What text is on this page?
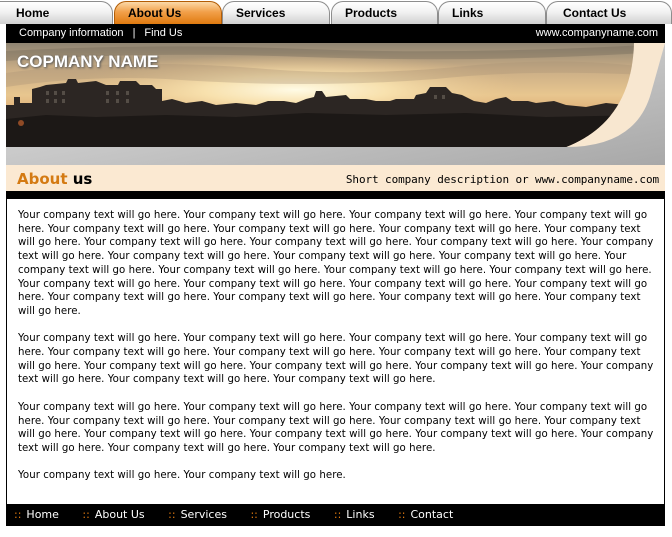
Home	About Us	Services	Products	Links	Contact Us
Company information | Find Us	www.companyname.com
COPMANY NAME
About us	Short company description or www.companyname.com

Your company text will go here. Your company text will go here. Your company text will go here. Your company text will go here. Your company text will go here. Your company text will go here. Your company text will go here. Your company text will go here. Your company text will go here. Your company text will go here. Your company text will go here. Your company text will go here. Your company text will go here. Your company text will go here. Your company text will go here. Your company text will go here. Your company text will go here. Your company text will go here. Your company text will go here. Your company text will go here. Your company text will go here. Your company text will go here. Your company text will go here. Your company text will go here. Your company text will go here. Your company text will go here. Your company text will go here.

Your company text will go here. Your company text will go here. Your company text will go here. Your company text will go here. Your company text will go here. Your company text will go here. Your company text will go here. Your company text will go here. Your company text will go here. Your company text will go here. Your company text will go here. Your company text will go here. Your company text will go here. Your company text will go here.

Your company text will go here. Your company text will go here. Your company text will go here. Your company text will go here. Your company text will go here. Your company text will go here. Your company text will go here. Your company text will go here. Your company text will go here. Your company text will go here. Your company text will go here. Your company text will go here. Your company text will go here. Your company text will go here.

Your company text will go here. Your company text will go here.

:: Home :: About Us :: Services :: Products :: Links :: Contact
